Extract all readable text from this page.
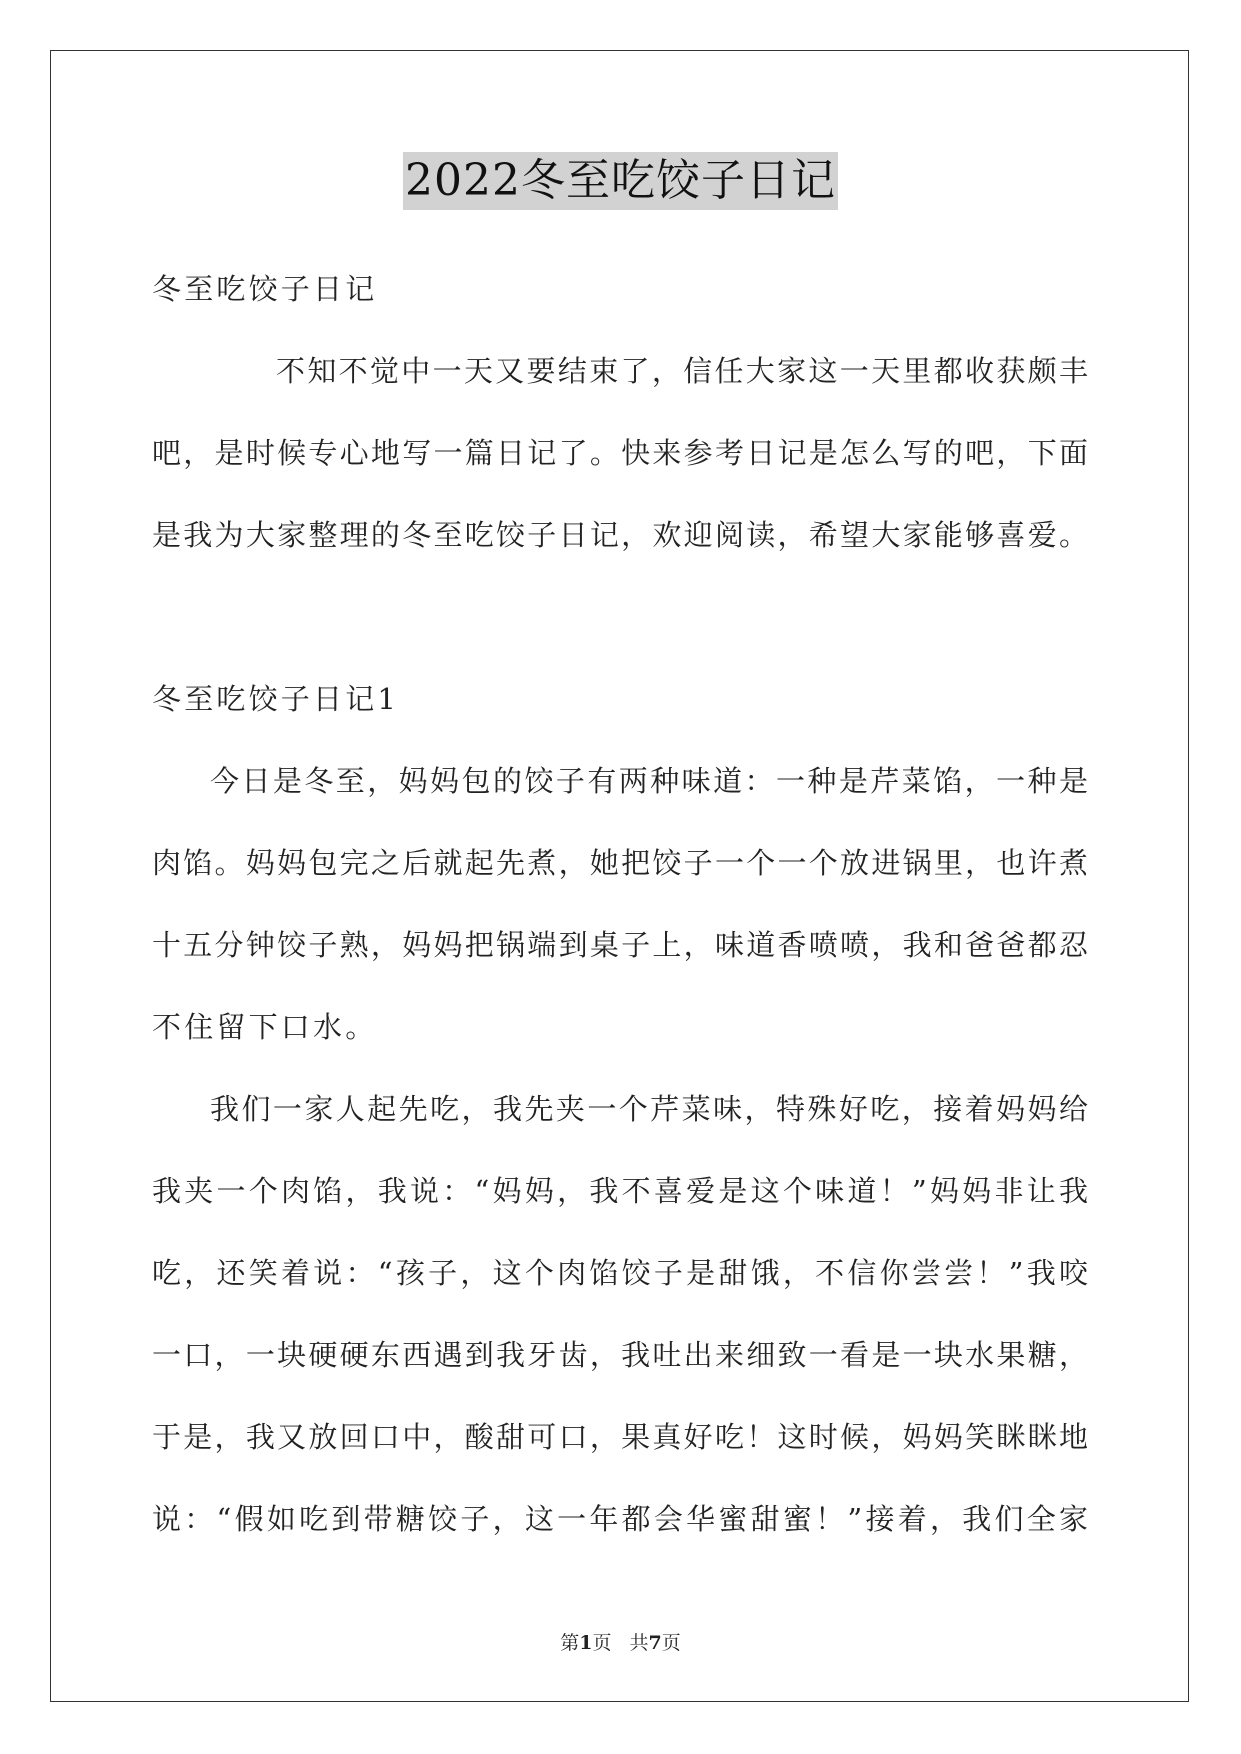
2022冬至吃饺子日记
冬至吃饺子日记
不知不觉中一天又要结束了，信任大家这一天里都收获颇丰
吧，是时候专心地写一篇日记了。快来参考日记是怎么写的吧，下面
是我为大家整理的冬至吃饺子日记，欢迎阅读，希望大家能够喜爱。
冬至吃饺子日记1
今日是冬至，妈妈包的饺子有两种味道：一种是芹菜馅，一种是
肉馅。妈妈包完之后就起先煮，她把饺子一个一个放进锅里，也许煮
十五分钟饺子熟，妈妈把锅端到桌子上，味道香喷喷，我和爸爸都忍
不住留下口水。
我们一家人起先吃，我先夹一个芹菜味，特殊好吃，接着妈妈给
我夹一个肉馅，我说：“妈妈，我不喜爱是这个味道！”妈妈非让我
吃，还笑着说：“孩子，这个肉馅饺子是甜饿，不信你尝尝！”我咬
一口，一块硬硬东西遇到我牙齿，我吐出来细致一看是一块水果糖，
于是，我又放回口中，酸甜可口，果真好吃！这时候，妈妈笑眯眯地
说：“假如吃到带糖饺子，这一年都会华蜜甜蜜！”接着，我们全家
第1页 共7页
